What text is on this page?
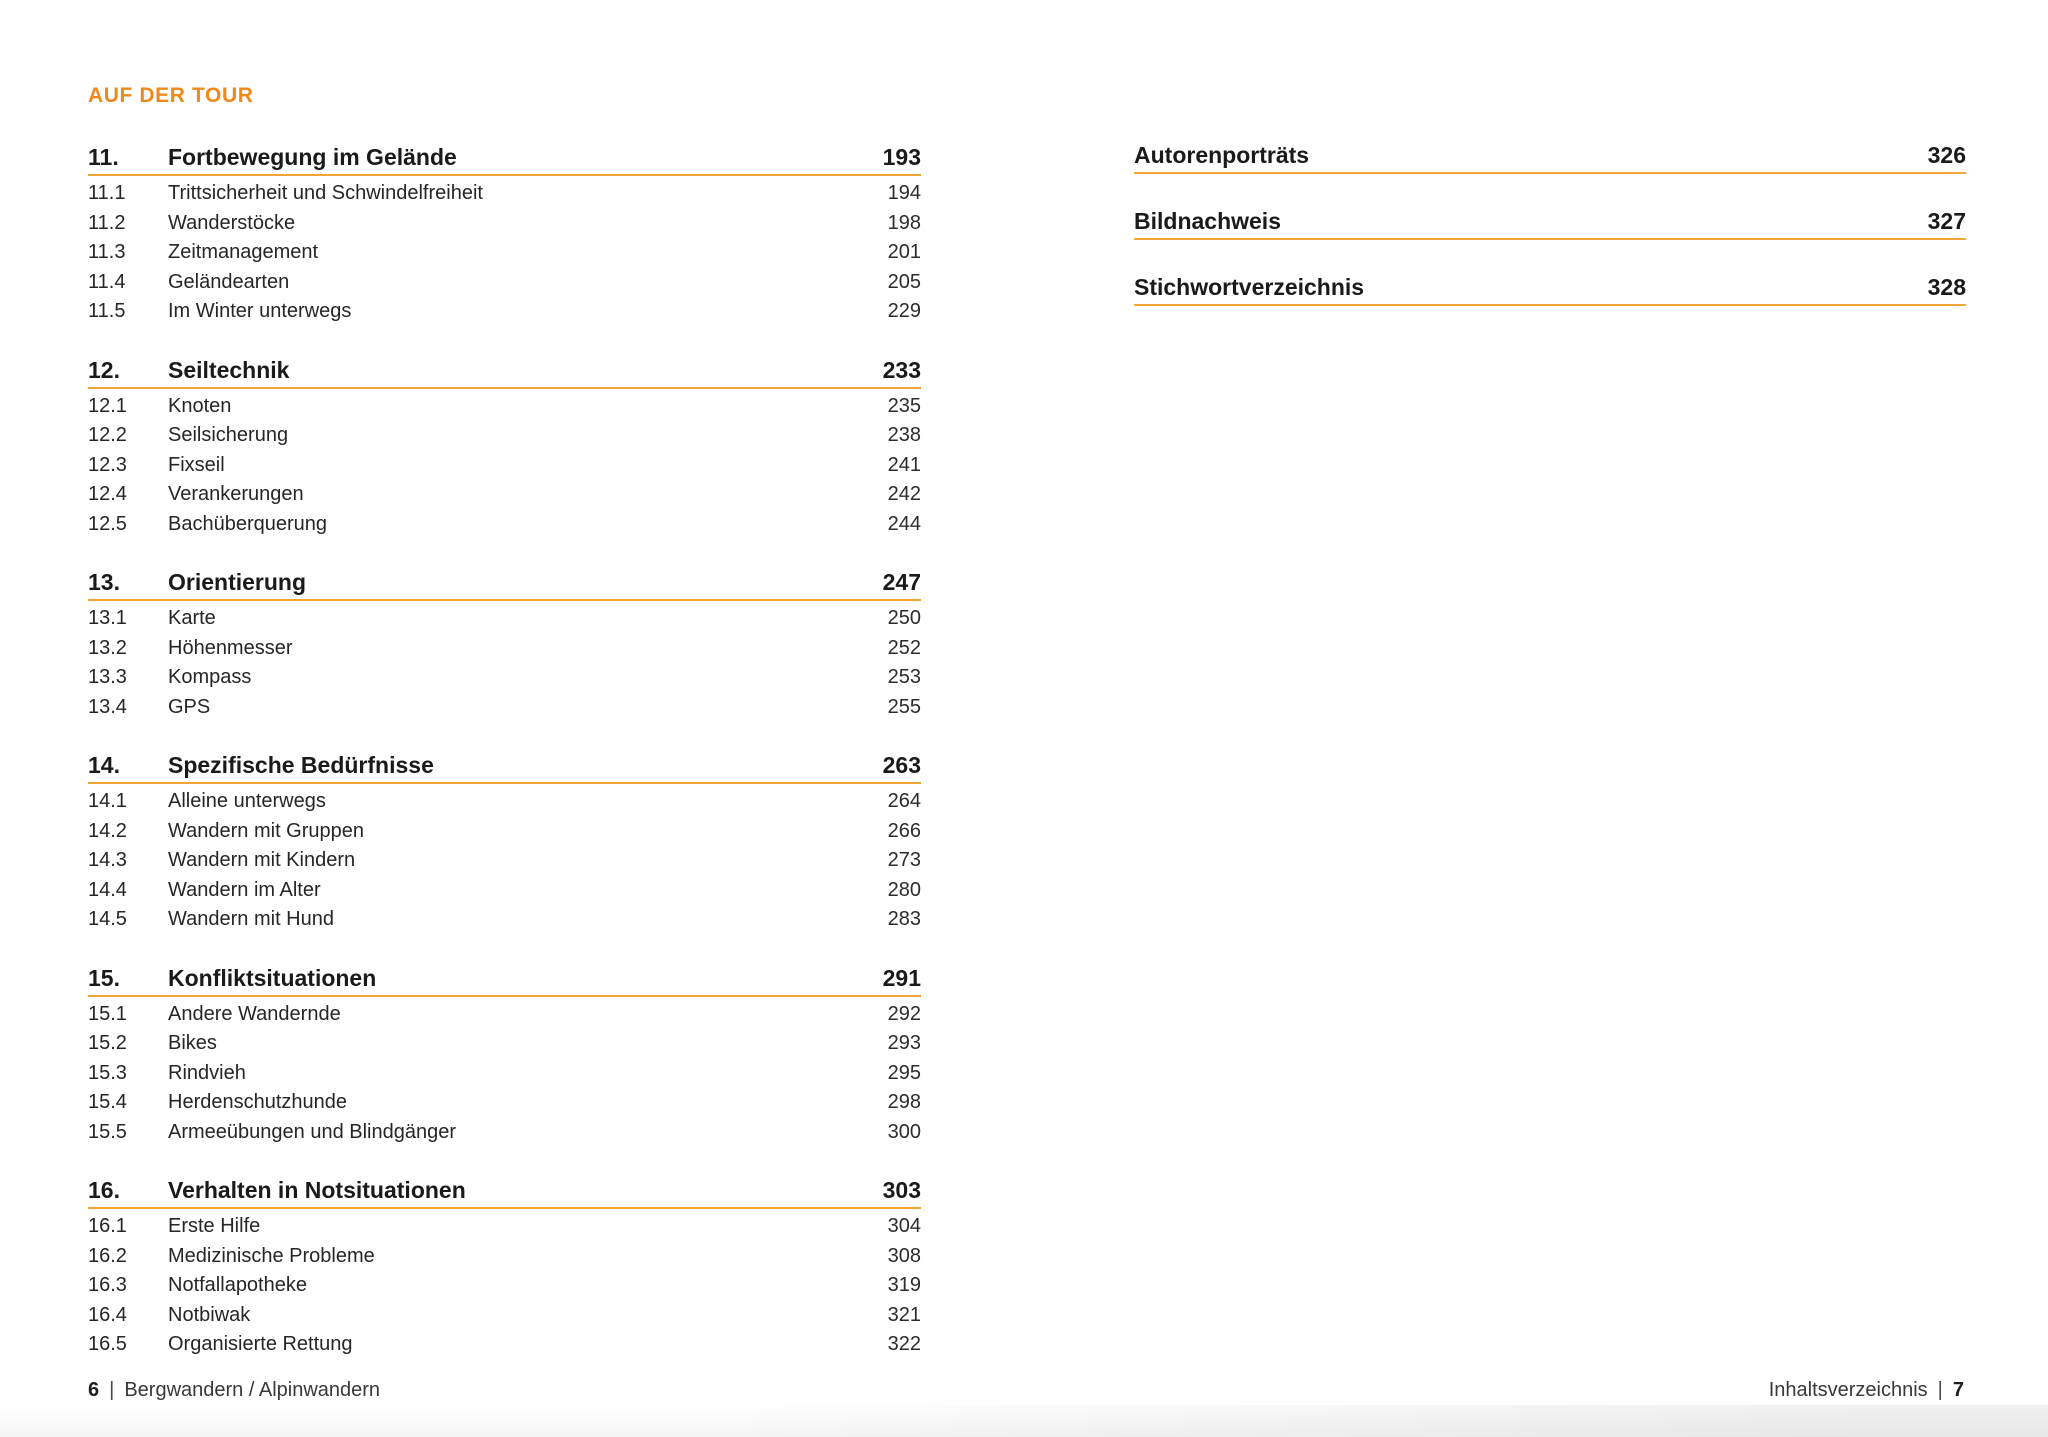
AUF DER TOUR
11.	Fortbewegung im Gelände	193
11.1	Trittsicherheit und Schwindelfreiheit	194
11.2	Wanderstöcke	198
11.3	Zeitmanagement	201
11.4	Geländearten	205
11.5	Im Winter unterwegs	229
12.	Seiltechnik	233
12.1	Knoten	235
12.2	Seilsicherung	238
12.3	Fixseil	241
12.4	Verankerungen	242
12.5	Bachüberquerung	244
13.	Orientierung	247
13.1	Karte	250
13.2	Höhenmesser	252
13.3	Kompass	253
13.4	GPS	255
14.	Spezifische Bedürfnisse	263
14.1	Alleine unterwegs	264
14.2	Wandern mit Gruppen	266
14.3	Wandern mit Kindern	273
14.4	Wandern im Alter	280
14.5	Wandern mit Hund	283
15.	Konfliktsituationen	291
15.1	Andere Wandernde	292
15.2	Bikes	293
15.3	Rindvieh	295
15.4	Herdenschutzhunde	298
15.5	Armeeübungen und Blindgänger	300
16.	Verhalten in Notsituationen	303
16.1	Erste Hilfe	304
16.2	Medizinische Probleme	308
16.3	Notfallapotheke	319
16.4	Notbiwak	321
16.5	Organisierte Rettung	322
Autorenporträts	326
Bildnachweis	327
Stichwortverzeichnis	328
6 | Bergwandern / Alpinwandern	Inhaltsverzeichnis | 7
